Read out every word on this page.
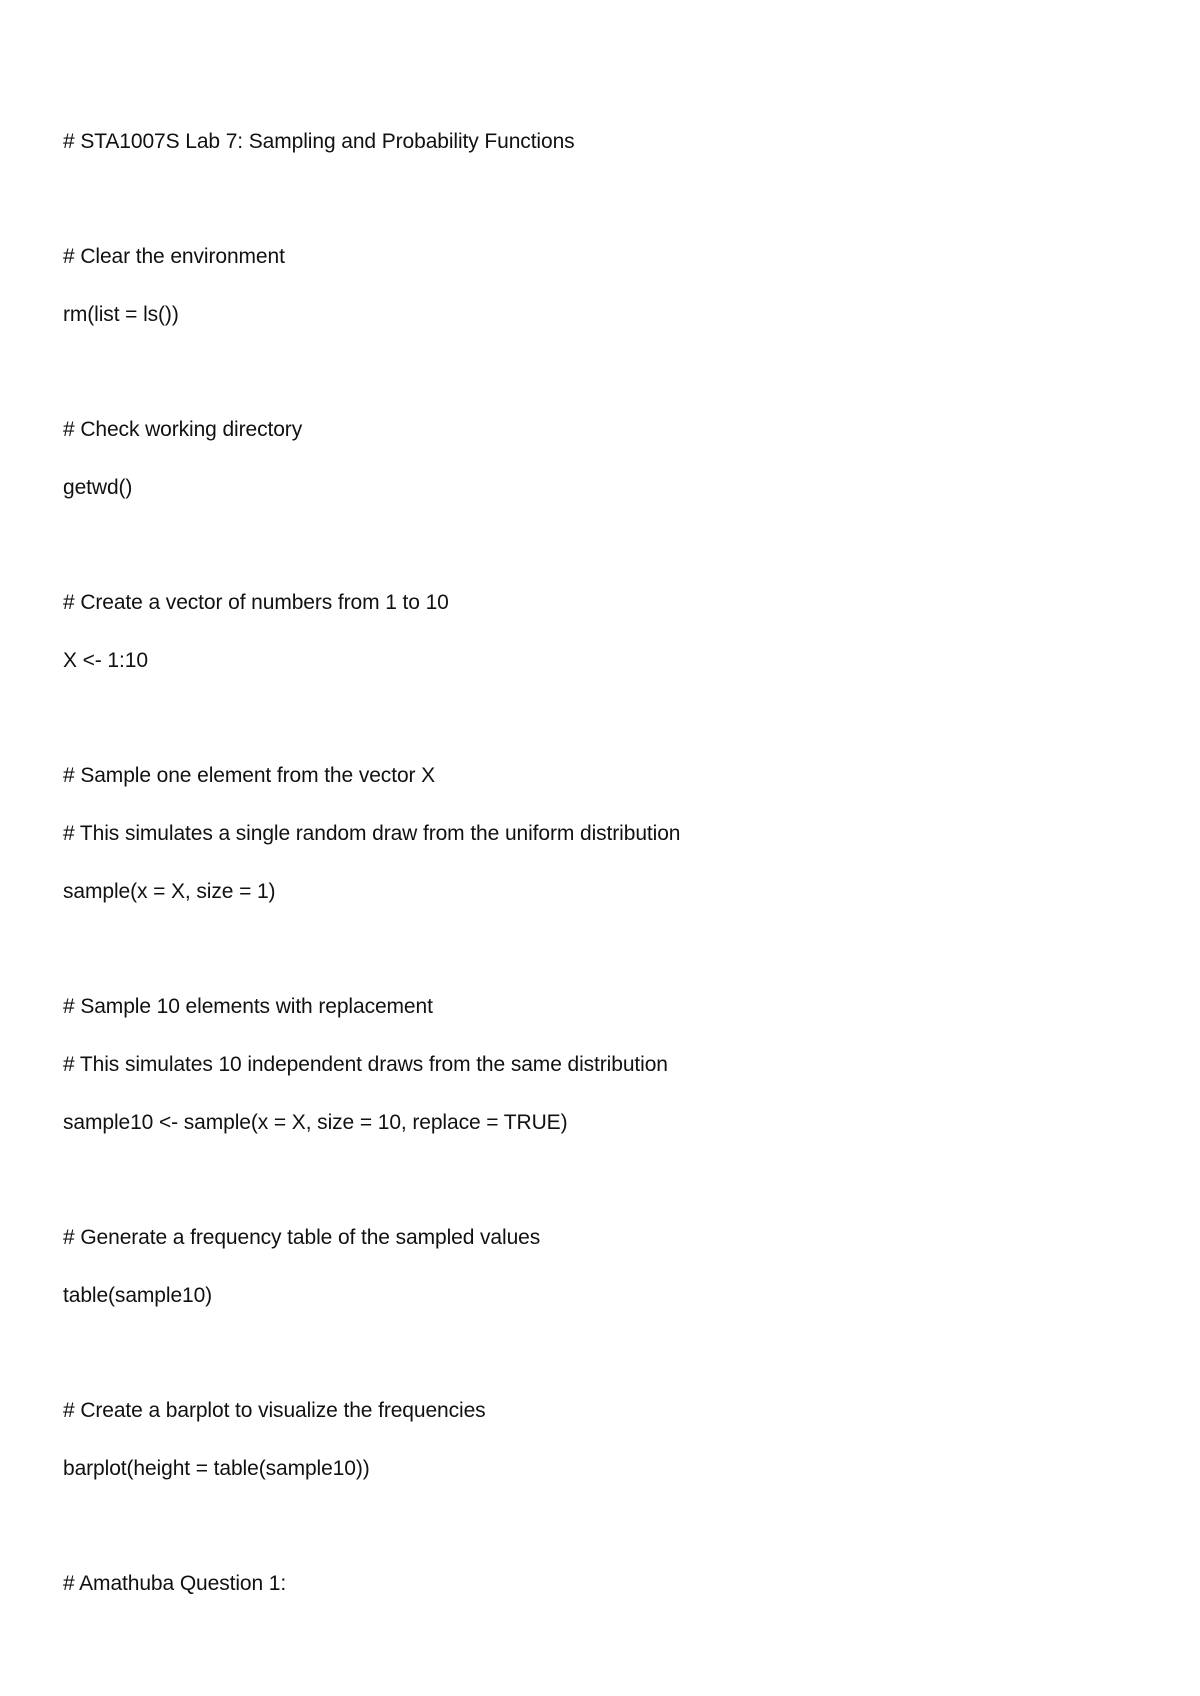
# STA1007S Lab 7: Sampling and Probability Functions
# Clear the environment
rm(list = ls())
# Check working directory
getwd()
# Create a vector of numbers from 1 to 10
X <- 1:10
# Sample one element from the vector X
# This simulates a single random draw from the uniform distribution
sample(x = X, size = 1)
# Sample 10 elements with replacement
# This simulates 10 independent draws from the same distribution
sample10 <- sample(x = X, size = 10, replace = TRUE)
# Generate a frequency table of the sampled values
table(sample10)
# Create a barplot to visualize the frequencies
barplot(height = table(sample10))
# Amathuba Question 1:
